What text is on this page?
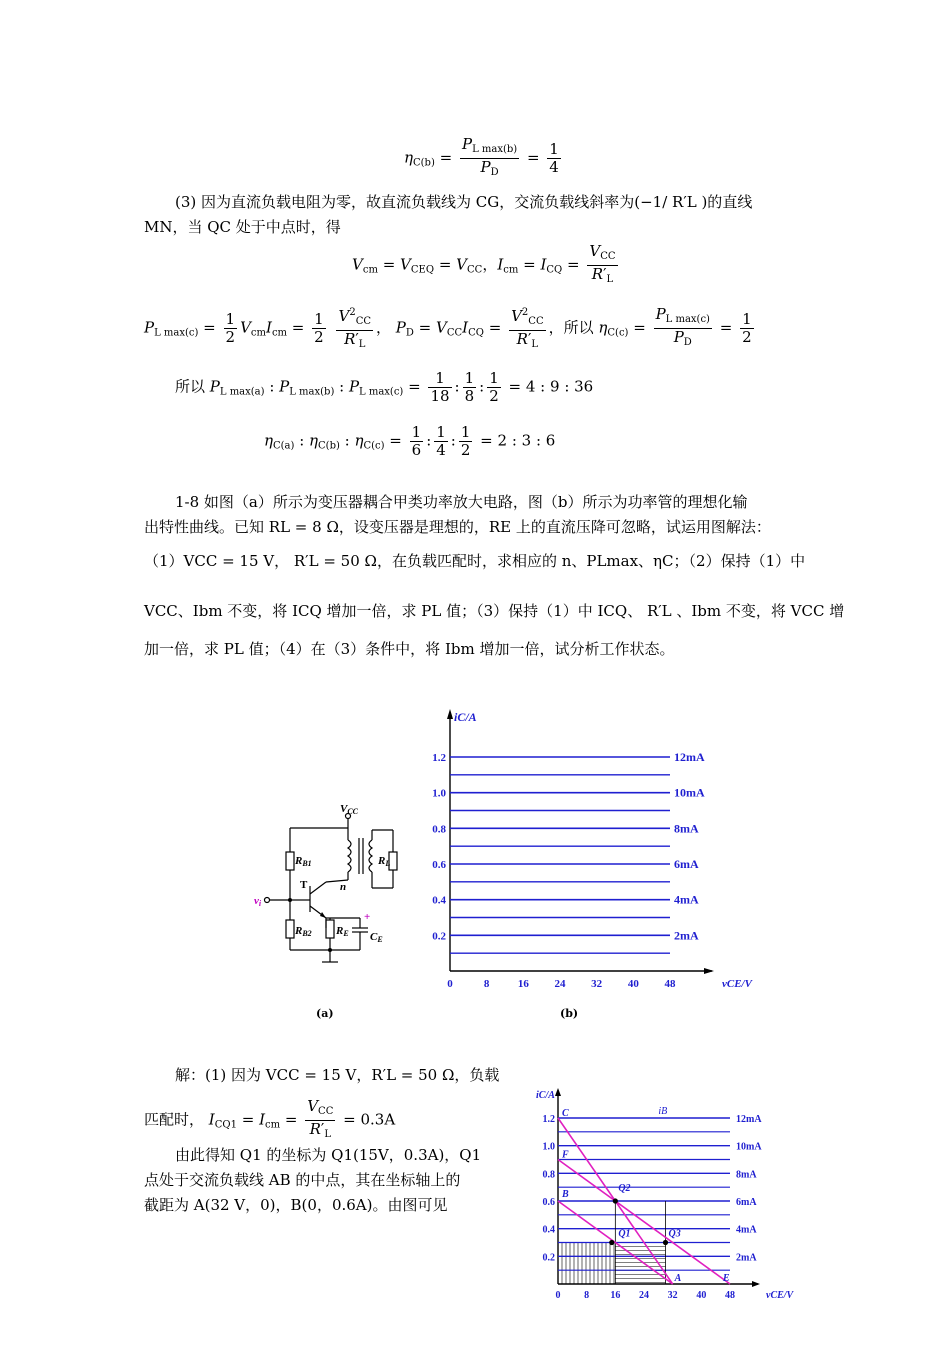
$\eta_{C(b)} = \frac{P_{L max(b)}}{P_D} = \frac{1}{4}$
(3) 因为直流负载电阻为零，故直流负载线为 CG，交流负载线斜率为(−1/ R′L )的直线
MN，当 QC 处于中点时，得
$V_{cm} = V_{CEQ} = V_{CC}$，$I_{cm} = I_{CQ} = \frac{V_{CC}}{R'_L}$
$P_{L max(c)} = \frac{1}{2} V_{cm}I_{cm} = \frac{1}{2}$
$\frac{V^2_{CC}}{R'_L}$ ， $P_D = V_{CC}I_{CQ} = \frac{V^2_{CC}}{R'_L}$ ，所以 $\eta_{C(c)} = \frac{P_{L max(c)}}{P_D} = \frac{1}{2}$
所以 $P_{L max(a)}$ : $P_{L max(b)}$ : $P_{L max(c)} = \frac{1}{18}$ : $\frac{1}{8}$ : $\frac{1}{2} = 4$ : 9 : 36
$\eta_{C(a)}$ : $\eta_{C(b)}$ : $\eta_{C(c)} = \frac{1}{6}$ : $\frac{1}{4}$ : $\frac{1}{2} = 2$ : 3 : 6
1-8 如图（a）所示为变压器耦合甲类功率放大电路，图（b）所示为功率管的理想化输
出特性曲线。已知 RL = 8 Ω，设变压器是理想的，RE 上的直流压降可忽略，试运用图解法：
（1）VCC = 15 V， R′L = 50 Ω，在负载匹配时，求相应的 n、PLmax、ηC；（2）保持（1）中
VCC、Ibm 不变，将 ICQ 增加一倍，求 PL 值；（3）保持（1）中 ICQ、 R′L 、Ibm 不变，将 VCC 增
加一倍，求 PL 值；（4）在（3）条件中，将 Ibm 增加一倍，试分析工作状态。
VCC
RB1	RL
T	n
vi
RB2 RE CE
+
(a)
12mA
10mA
8mA
6mA
4mA
2mA
1.2
1.0
0.8
0.6
0.4
0.2
0	8	16 24 32 40 48
iC/A
vCE/V
(b)
解：(1) 因为 VCC = 15 V，R′L = 50 Ω，负载
匹配时， $I_{CQ1} = I_{cm} = \frac{V_{CC}}{R'_L} = 0.3A$
由此得知 Q1 的坐标为 Q1(15V，0.3A)，Q1
点处于交流负载线 AB 的中点，其在坐标轴上的
截距为 A(32 V，0)，B(0，0.6A)。由图可见
12mA
10mA
8mA
6mA
4mA
2mA
1.2
1.0
0.8
0.6
0.4
0.2
0 8 16 24 32 40 48
iC/A
vCE/V
iB
C
F
B
Q2
Q1	Q3
A	E
